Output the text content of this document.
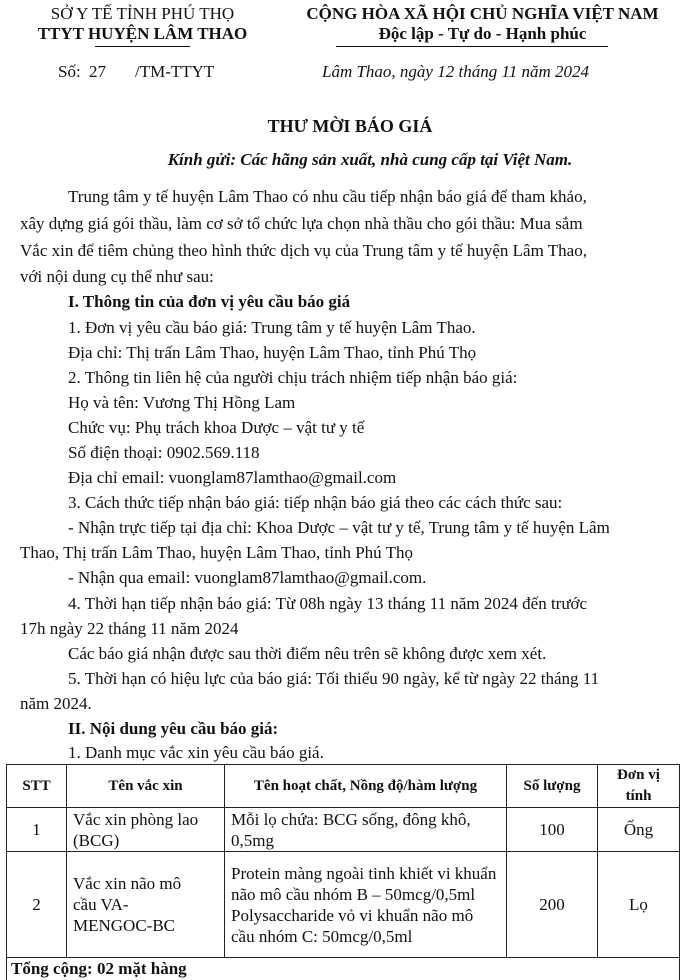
SỞ Y TẾ TỈNH PHÚ THỌ
TTYT HUYỆN LÂM THAO
CỘNG HÒA XÃ HỘI CHỦ NGHĨA VIỆT NAM
Độc lập - Tự do - Hạnh phúc
Số: 27 /TM-TTYT	Lâm Thao, ngày 12 tháng 11 năm 2024
THƯ MỜI BÁO GIÁ
Kính gửi: Các hãng sản xuất, nhà cung cấp tại Việt Nam.
Trung tâm y tế huyện Lâm Thao có nhu cầu tiếp nhận báo giá để tham khảo,
xây dựng giá gói thầu, làm cơ sở tổ chức lựa chọn nhà thầu cho gói thầu: Mua sắm
Vắc xin để tiêm chủng theo hình thức dịch vụ của Trung tâm y tế huyện Lâm Thao,
với nội dung cụ thể như sau:
I. Thông tin của đơn vị yêu cầu báo giá
1. Đơn vị yêu cầu báo giá: Trung tâm y tế huyện Lâm Thao.
Địa chỉ: Thị trấn Lâm Thao, huyện Lâm Thao, tỉnh Phú Thọ
2. Thông tin liên hệ của người chịu trách nhiệm tiếp nhận báo giá:
Họ và tên: Vương Thị Hồng Lam
Chức vụ: Phụ trách khoa Dược – vật tư y tế
Số điện thoại: 0902.569.118
Địa chỉ email: vuonglam87lamthao@gmail.com
3. Cách thức tiếp nhận báo giá: tiếp nhận báo giá theo các cách thức sau:
- Nhận trực tiếp tại địa chỉ: Khoa Dược – vật tư y tế, Trung tâm y tế huyện Lâm
Thao, Thị trấn Lâm Thao, huyện Lâm Thao, tỉnh Phú Thọ
- Nhận qua email: vuonglam87lamthao@gmail.com.
4. Thời hạn tiếp nhận báo giá: Từ 08h ngày 13 tháng 11 năm 2024 đến trước
17h ngày 22 tháng 11 năm 2024
Các báo giá nhận được sau thời điểm nêu trên sẽ không được xem xét.
5. Thời hạn có hiệu lực của báo giá: Tối thiểu 90 ngày, kể từ ngày 22 tháng 11
năm 2024.
II. Nội dung yêu cầu báo giá:
1. Danh mục vắc xin yêu cầu báo giá.
STT	Tên vắc xin	Tên hoạt chất, Nồng độ/hàm lượng	Số lượng	Đơn vị tính
1	Vắc xin phòng lao (BCG)	Mỗi lọ chứa: BCG sống, đông khô, 0,5mg	100	Ống
2	Vắc xin não mô cầu VA-MENGOC-BC	Protein màng ngoài tinh khiết vi khuẩn não mô cầu nhóm B – 50mcg/0,5ml
Polysaccharide vỏ vi khuẩn não mô cầu nhóm C: 50mcg/0,5ml	200	Lọ
Tổng cộng: 02 mặt hàng				
